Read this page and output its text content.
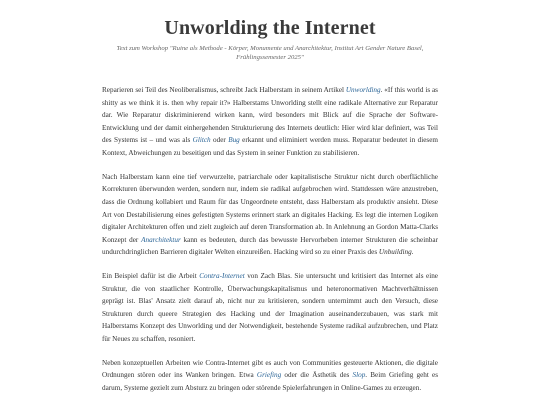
Unworlding the Internet

Text zum Workshop "Ruine als Methode - Körper, Monumente und Anarchitektur, Institut Art Gender Nature Basel, Frühlingssemester 2025"

Reparieren sei Teil des Neoliberalismus, schreibt Jack Halberstam in seinem Artikel Unworlding. «If this world is as shitty as we think it is. then why repair it?» Halberstams Unworlding stellt eine radikale Alternative zur Reparatur dar. Wie Reparatur diskriminierend wirken kann, wird besonders mit Blick auf die Sprache der Software-Entwicklung und der damit einhergehenden Strukturierung des Internets deutlich: Hier wird klar definiert, was Teil des Systems ist – und was als Glitch oder Bug erkannt und eliminiert werden muss. Reparatur bedeutet in diesem Kontext, Abweichungen zu beseitigen und das System in seiner Funktion zu stabilisieren.

Nach Halberstam kann eine tief verwurzelte, patriarchale oder kapitalistische Struktur nicht durch oberflächliche Korrekturen überwunden werden, sondern nur, indem sie radikal aufgebrochen wird. Stattdessen wäre anzustreben, dass die Ordnung kollabiert und Raum für das Ungeordnete entsteht, dass Halberstam als produktiv ansieht. Diese Art von Destabilisierung eines gefestigten Systems erinnert stark an digitales Hacking. Es legt die internen Logiken digitaler Architekturen offen und zielt zugleich auf deren Transformation ab. In Anlehnung an Gordon Matta-Clarks Konzept der Anarchitektur kann es bedeuten, durch das bewusste Hervorheben interner Strukturen die scheinbar undurchdringlichen Barrieren digitaler Welten einzureißen. Hacking wird so zu einer Praxis des Unbuilding.

Ein Beispiel dafür ist die Arbeit Contra-Internet von Zach Blas. Sie untersucht und kritisiert das Internet als eine Struktur, die von staatlicher Kontrolle, Überwachungskapitalismus und heteronormativen Machtverhältnissen geprägt ist. Blas' Ansatz zielt darauf ab, nicht nur zu kritisieren, sondern unternimmt auch den Versuch, diese Strukturen durch queere Strategien des Hacking und der Imagination auseinanderzubauen, was stark mit Halberstams Konzept des Unworlding und der Notwendigkeit, bestehende Systeme radikal aufzubrechen, und Platz für Neues zu schaffen, resoniert.

Neben konzeptuellen Arbeiten wie Contra-Internet gibt es auch von Communities gesteuerte Aktionen, die digitale Ordnungen stören oder ins Wanken bringen. Etwa Griefing oder die Ästhetik des Slop. Beim Griefing geht es darum, Systeme gezielt zum Absturz zu bringen oder störende Spielerfahrungen in Online-Games zu erzeugen.
